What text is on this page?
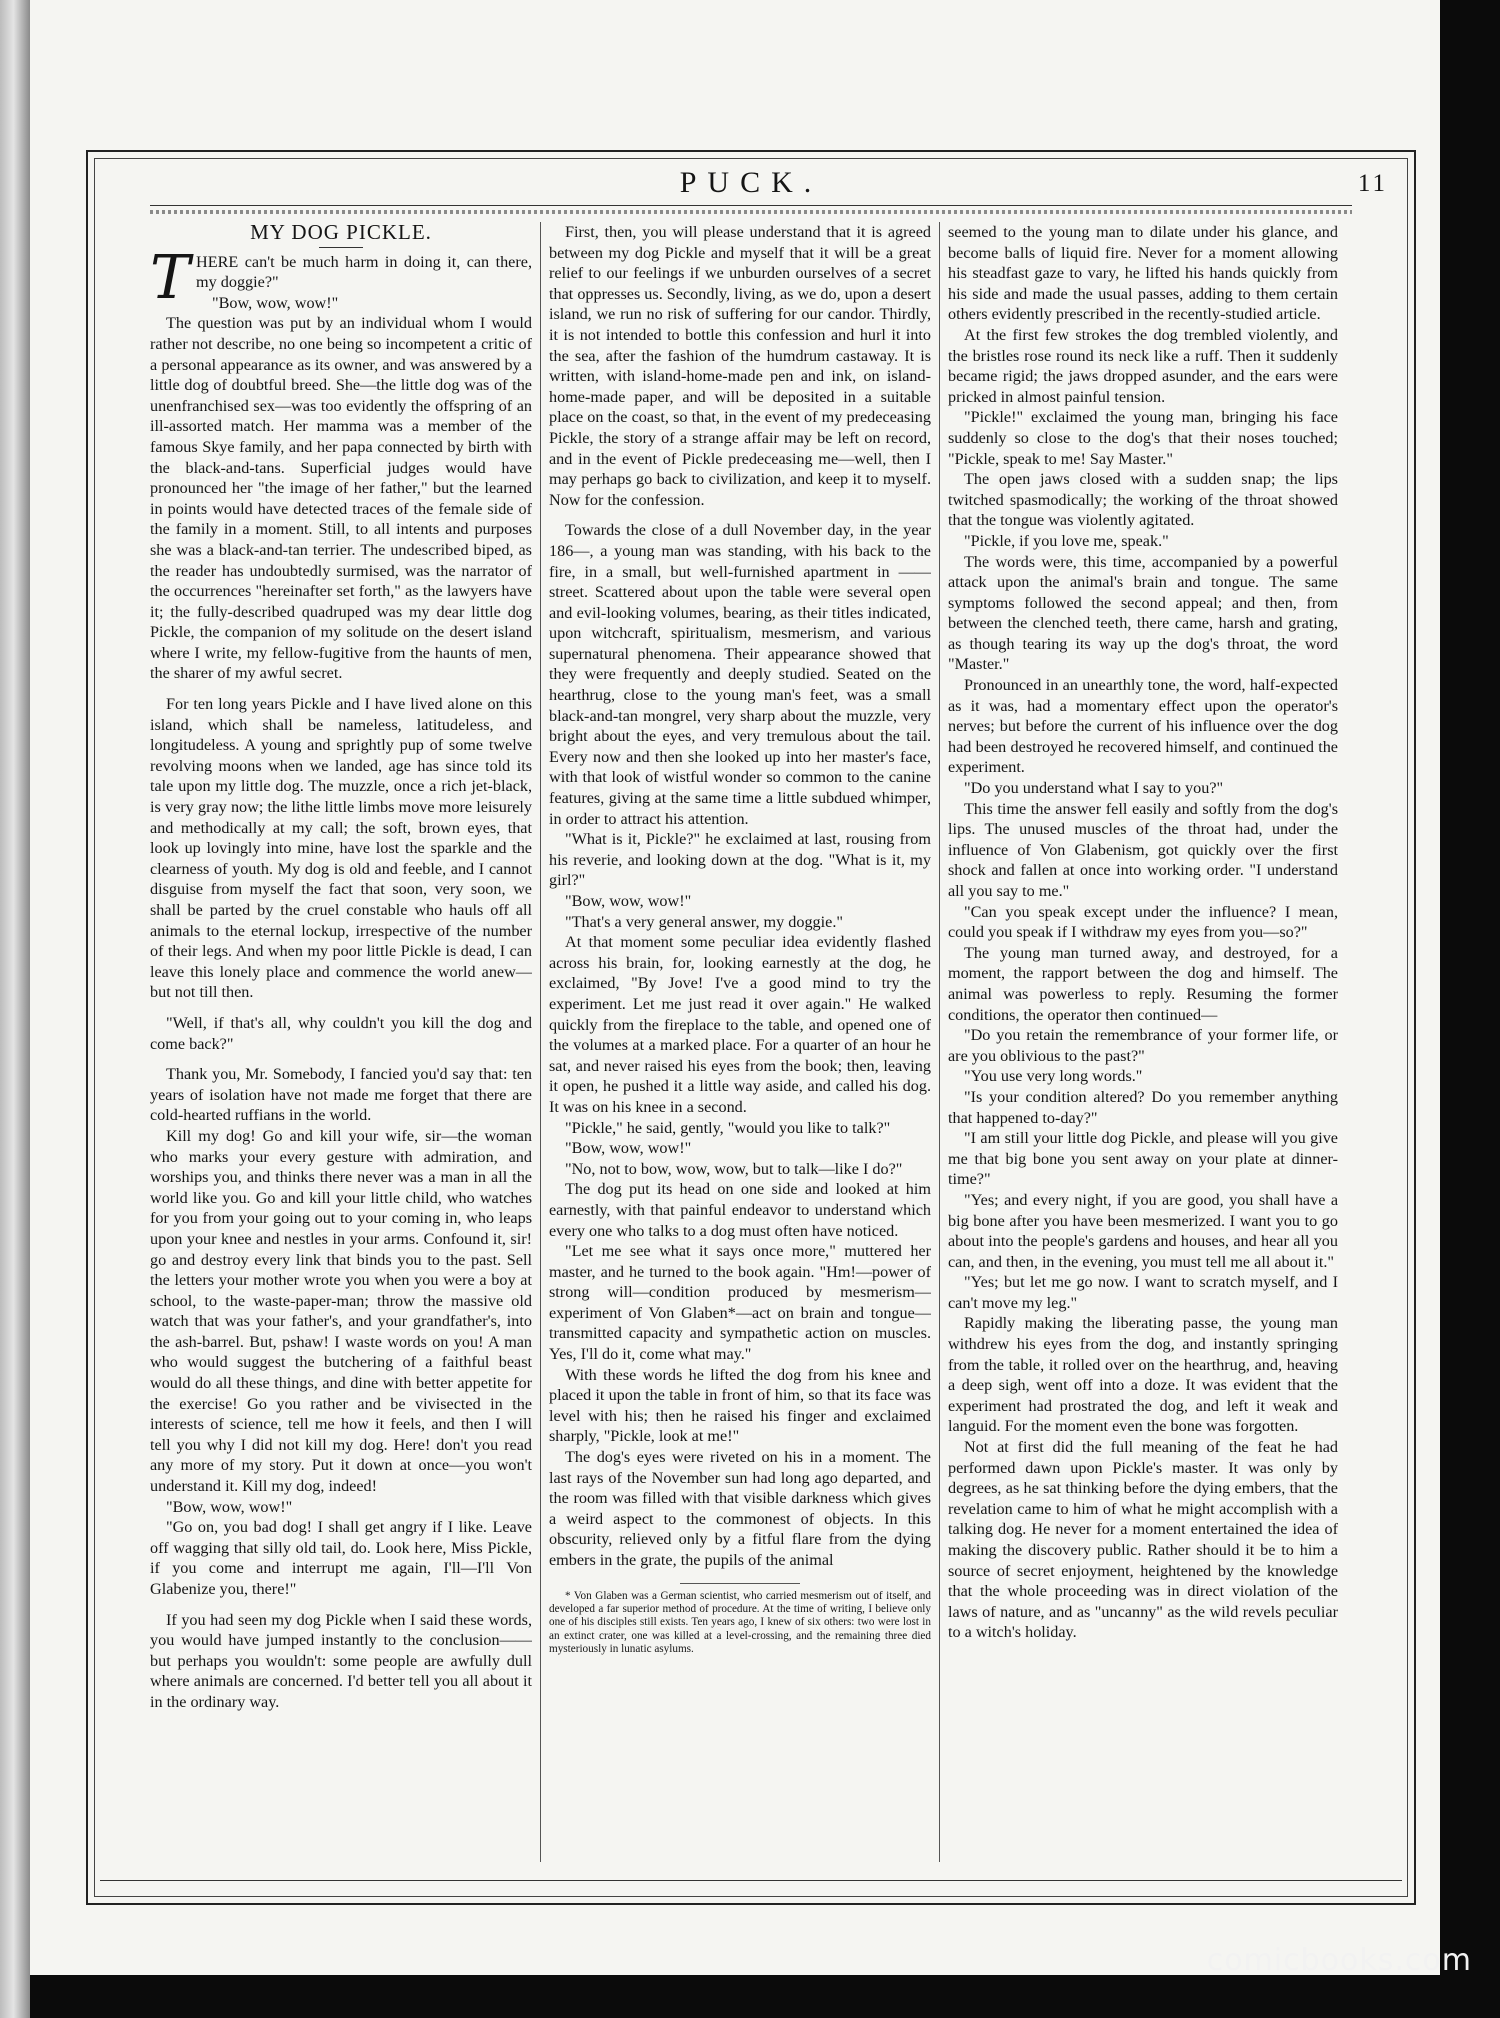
PUCK.	11
MY DOG PICKLE.
T HERE can't be much harm in doing it, can there, my doggie?"

"Bow, wow, wow!"

The question was put by an individual whom I would rather not describe, no one being so incompetent a critic of a personal appearance as its owner, and was answered by a little dog of doubtful breed. She—the little dog was of the unenfranchised sex—was too evidently the offspring of an ill-assorted match. Her mamma was a member of the famous Skye family, and her papa connected by birth with the black-and-tans. Superficial judges would have pronounced her "the image of her father," but the learned in points would have detected traces of the female side of the family in a moment. Still, to all intents and purposes she was a black-and-tan terrier. The undescribed biped, as the reader has undoubtedly surmised, was the narrator of the occurrences "hereinafter set forth," as the lawyers have it; the fully-described quadruped was my dear little dog Pickle, the companion of my solitude on the desert island where I write, my fellow-fugitive from the haunts of men, the sharer of my awful secret.

For ten long years Pickle and I have lived alone on this island, which shall be nameless, latitudeless, and longitudeless. A young and sprightly pup of some twelve revolving moons when we landed, age has since told its tale upon my little dog. The muzzle, once a rich jet-black, is very gray now; the lithe little limbs move more leisurely and methodically at my call; the soft, brown eyes, that look up lovingly into mine, have lost the sparkle and the clearness of youth. My dog is old and feeble, and I cannot disguise from myself the fact that soon, very soon, we shall be parted by the cruel constable who hauls off all animals to the eternal lockup, irrespective of the number of their legs. And when my poor little Pickle is dead, I can leave this lonely place and commence the world anew—but not till then.

"Well, if that's all, why couldn't you kill the dog and come back?"

Thank you, Mr. Somebody, I fancied you'd say that: ten years of isolation have not made me forget that there are cold-hearted ruffians in the world.

Kill my dog! Go and kill your wife, sir—the woman who marks your every gesture with admiration, and worships you, and thinks there never was a man in all the world like you. Go and kill your little child, who watches for you from your going out to your coming in, who leaps upon your knee and nestles in your arms. Confound it, sir! go and destroy every link that binds you to the past. Sell the letters your mother wrote you when you were a boy at school, to the waste-paper-man; throw the massive old watch that was your father's, and your grandfather's, into the ash-barrel. But, pshaw! I waste words on you! A man who would suggest the butchering of a faithful beast would do all these things, and dine with better appetite for the exercise! Go you rather and be vivisected in the interests of science, tell me how it feels, and then I will tell you why I did not kill my dog. Here! don't you read any more of my story. Put it down at once—you won't understand it. Kill my dog, indeed!

"Bow, wow, wow!"

"Go on, you bad dog! I shall get angry if I like. Leave off wagging that silly old tail, do. Look here, Miss Pickle, if you come and interrupt me again, I'll—I'll Von Glabenize you, there!"

If you had seen my dog Pickle when I said these words, you would have jumped instantly to the conclusion——but perhaps you wouldn't: some people are awfully dull where animals are concerned. I'd better tell you all about it in the ordinary way.

First, then, you will please understand that it is agreed between my dog Pickle and myself that it will be a great relief to our feelings if we unburden ourselves of a secret that oppresses us. Secondly, living, as we do, upon a desert island, we run no risk of suffering for our candor. Thirdly, it is not intended to bottle this confession and hurl it into the sea, after the fashion of the humdrum castaway. It is written, with island-home-made pen and ink, on island-home-made paper, and will be deposited in a suitable place on the coast, so that, in the event of my predeceasing Pickle, the story of a strange affair may be left on record, and in the event of Pickle predeceasing me—well, then I may perhaps go back to civilization, and keep it to myself. Now for the confession.

Towards the close of a dull November day, in the year 186—, a young man was standing, with his back to the fire, in a small, but well-furnished apartment in —— street. Scattered about upon the table were several open and evil-looking volumes, bearing, as their titles indicated, upon witchcraft, spiritualism, mesmerism, and various supernatural phenomena. Their appearance showed that they were frequently and deeply studied. Seated on the hearthrug, close to the young man's feet, was a small black-and-tan mongrel, very sharp about the muzzle, very bright about the eyes, and very tremulous about the tail. Every now and then she looked up into her master's face, with that look of wistful wonder so common to the canine features, giving at the same time a little subdued whimper, in order to attract his attention.

"What is it, Pickle?" he exclaimed at last, rousing from his reverie, and looking down at the dog. "What is it, my girl?"

"Bow, wow, wow!"

"That's a very general answer, my doggie."

At that moment some peculiar idea evidently flashed across his brain, for, looking earnestly at the dog, he exclaimed, "By Jove! I've a good mind to try the experiment. Let me just read it over again." He walked quickly from the fireplace to the table, and opened one of the volumes at a marked place. For a quarter of an hour he sat, and never raised his eyes from the book; then, leaving it open, he pushed it a little way aside, and called his dog. It was on his knee in a second.

"Pickle," he said, gently, "would you like to talk?"

"Bow, wow, wow!"

"No, not to bow, wow, wow, but to talk—like I do?"

The dog put its head on one side and looked at him earnestly, with that painful endeavor to understand which every one who talks to a dog must often have noticed.

"Let me see what it says once more," muttered her master, and he turned to the book again. "Hm!—power of strong will—condition produced by mesmerism—experiment of Von Glaben*—act on brain and tongue—transmitted capacity and sympathetic action on muscles. Yes, I'll do it, come what may."

With these words he lifted the dog from his knee and placed it upon the table in front of him, so that its face was level with his; then he raised his finger and exclaimed sharply, "Pickle, look at me!"

The dog's eyes were riveted on his in a moment. The last rays of the November sun had long ago departed, and the room was filled with that visible darkness which gives a weird aspect to the commonest of objects. In this obscurity, relieved only by a fitful flare from the dying embers in the grate, the pupils of the animal

* Von Glaben was a German scientist, who carried mesmerism out of itself, and developed a far superior method of procedure. At the time of writing, I believe only one of his disciples still exists. Ten years ago, I knew of six others: two were lost in an extinct crater, one was killed at a level-crossing, and the remaining three died mysteriously in lunatic asylums.

seemed to the young man to dilate under his glance, and become balls of liquid fire. Never for a moment allowing his steadfast gaze to vary, he lifted his hands quickly from his side and made the usual passes, adding to them certain others evidently prescribed in the recently-studied article.

At the first few strokes the dog trembled violently, and the bristles rose round its neck like a ruff. Then it suddenly became rigid; the jaws dropped asunder, and the ears were pricked in almost painful tension.

"Pickle!" exclaimed the young man, bringing his face suddenly so close to the dog's that their noses touched; "Pickle, speak to me! Say Master."

The open jaws closed with a sudden snap; the lips twitched spasmodically; the working of the throat showed that the tongue was violently agitated.

"Pickle, if you love me, speak."

The words were, this time, accompanied by a powerful attack upon the animal's brain and tongue. The same symptoms followed the second appeal; and then, from between the clenched teeth, there came, harsh and grating, as though tearing its way up the dog's throat, the word "Master."

Pronounced in an unearthly tone, the word, half-expected as it was, had a momentary effect upon the operator's nerves; but before the current of his influence over the dog had been destroyed he recovered himself, and continued the experiment.

"Do you understand what I say to you?"

This time the answer fell easily and softly from the dog's lips. The unused muscles of the throat had, under the influence of Von Glabenism, got quickly over the first shock and fallen at once into working order. "I understand all you say to me."

"Can you speak except under the influence? I mean, could you speak if I withdraw my eyes from you—so?"

The young man turned away, and destroyed, for a moment, the rapport between the dog and himself. The animal was powerless to reply. Resuming the former conditions, the operator then continued—

"Do you retain the remembrance of your former life, or are you oblivious to the past?"

"You use very long words."

"Is your condition altered? Do you remember anything that happened to-day?"

"I am still your little dog Pickle, and please will you give me that big bone you sent away on your plate at dinner-time?"

"Yes; and every night, if you are good, you shall have a big bone after you have been mesmerized. I want you to go about into the people's gardens and houses, and hear all you can, and then, in the evening, you must tell me all about it."

"Yes; but let me go now. I want to scratch myself, and I can't move my leg."

Rapidly making the liberating passe, the young man withdrew his eyes from the dog, and instantly springing from the table, it rolled over on the hearthrug, and, heaving a deep sigh, went off into a doze. It was evident that the experiment had prostrated the dog, and left it weak and languid. For the moment even the bone was forgotten.

Not at first did the full meaning of the feat he had performed dawn upon Pickle's master. It was only by degrees, as he sat thinking before the dying embers, that the revelation came to him of what he might accomplish with a talking dog. He never for a moment entertained the idea of making the discovery public. Rather should it be to him a source of secret enjoyment, heightened by the knowledge that the whole proceeding was in direct violation of the laws of nature, and as "uncanny" as the wild revels peculiar to a witch's holiday.

comicbooks.com
